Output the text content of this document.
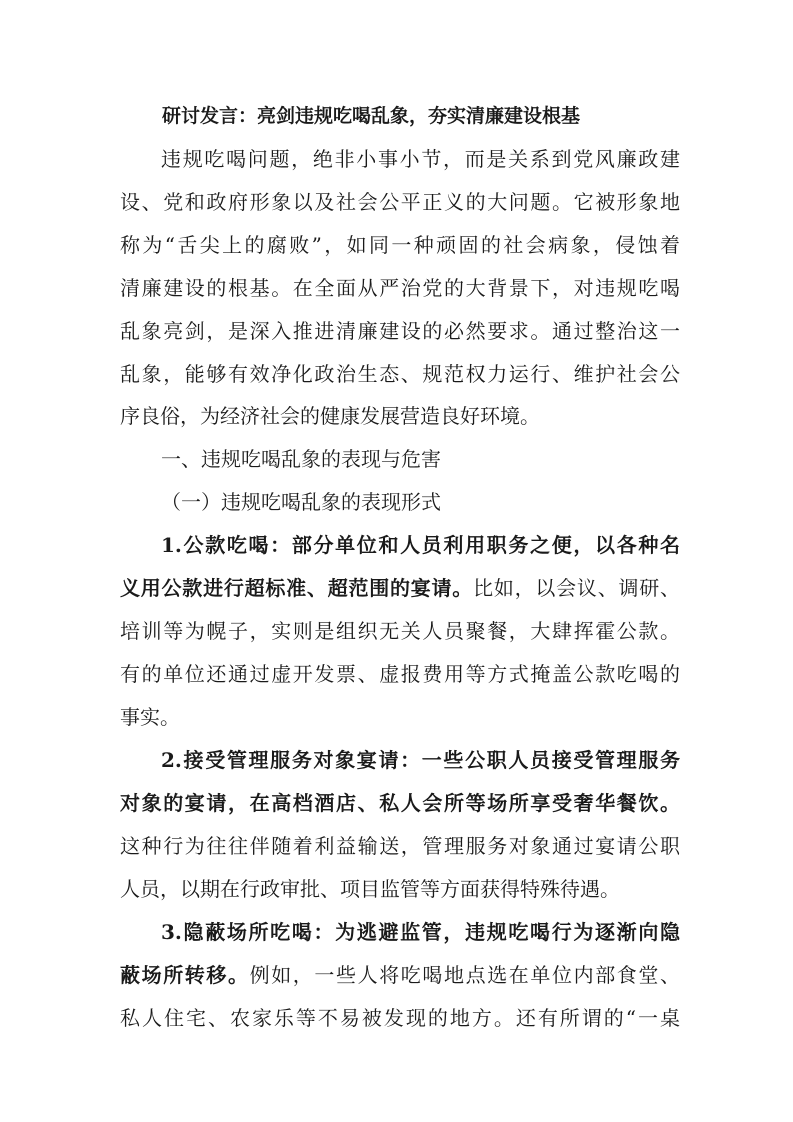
研讨发言：亮剑违规吃喝乱象，夯实清廉建设根基
违规吃喝问题，绝非小事小节，而是关系到党风廉政建
设、党和政府形象以及社会公平正义的大问题。它被形象地
称为“舌尖上的腐败”，如同一种顽固的社会病象，侵蚀着
清廉建设的根基。在全面从严治党的大背景下，对违规吃喝
乱象亮剑，是深入推进清廉建设的必然要求。通过整治这一
乱象，能够有效净化政治生态、规范权力运行、维护社会公
序良俗，为经济社会的健康发展营造良好环境。
一、违规吃喝乱象的表现与危害
（一）违规吃喝乱象的表现形式
1.公款吃喝：部分单位和人员利用职务之便，以各种名
义用公款进行超标准、超范围的宴请。比如，以会议、调研、
培训等为幌子，实则是组织无关人员聚餐，大肆挥霍公款。
有的单位还通过虚开发票、虚报费用等方式掩盖公款吃喝的
事实。
2.接受管理服务对象宴请：一些公职人员接受管理服务
对象的宴请，在高档酒店、私人会所等场所享受奢华餐饮。
这种行为往往伴随着利益输送，管理服务对象通过宴请公职
人员，以期在行政审批、项目监管等方面获得特殊待遇。
3.隐蔽场所吃喝：为逃避监管，违规吃喝行为逐渐向隐
蔽场所转移。例如，一些人将吃喝地点选在单位内部食堂、
私人住宅、农家乐等不易被发现的地方。还有所谓的“一桌
